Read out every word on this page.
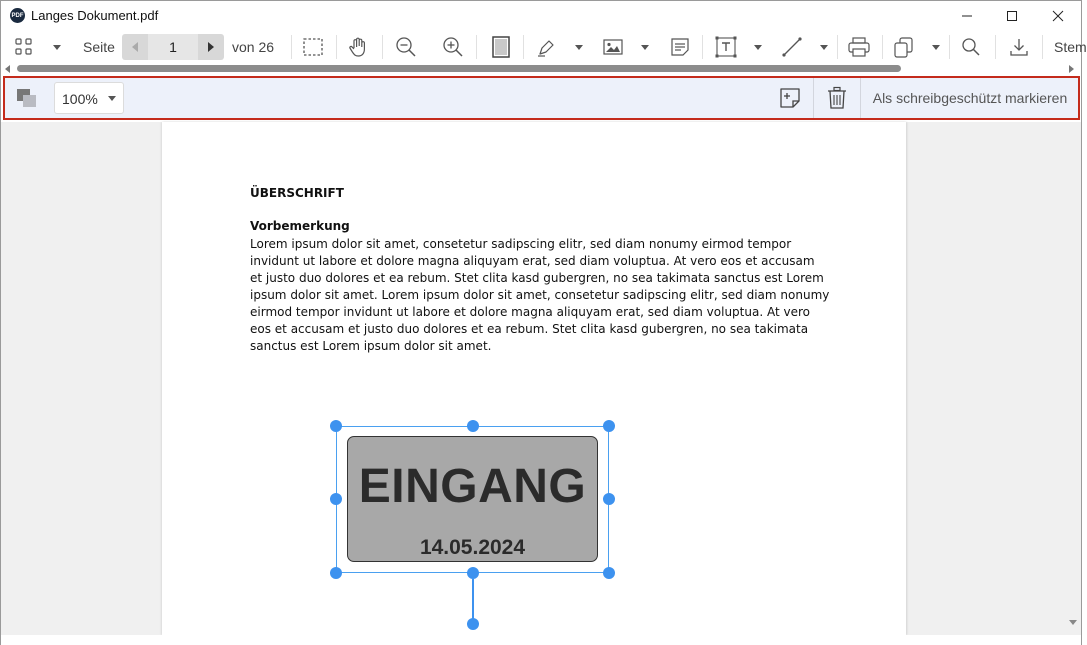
PDF Langes Dokument.pdf
Seite	1	von 26	Stem
100%	Als schreibgeschützt markieren
ÜBERSCHRIFT
Vorbemerkung
Lorem ipsum dolor sit amet, consetetur sadipscing elitr, sed diam nonumy eirmod tempor invidunt ut labore et dolore magna aliquyam erat, sed diam voluptua. At vero eos et accusam et justo duo dolores et ea rebum. Stet clita kasd gubergren, no sea takimata sanctus est Lorem ipsum dolor sit amet. Lorem ipsum dolor sit amet, consetetur sadipscing elitr, sed diam nonumy eirmod tempor invidunt ut labore et dolore magna aliquyam erat, sed diam voluptua. At vero eos et accusam et justo duo dolores et ea rebum. Stet clita kasd gubergren, no sea takimata sanctus est Lorem ipsum dolor sit amet.
EINGANG
14.05.2024
